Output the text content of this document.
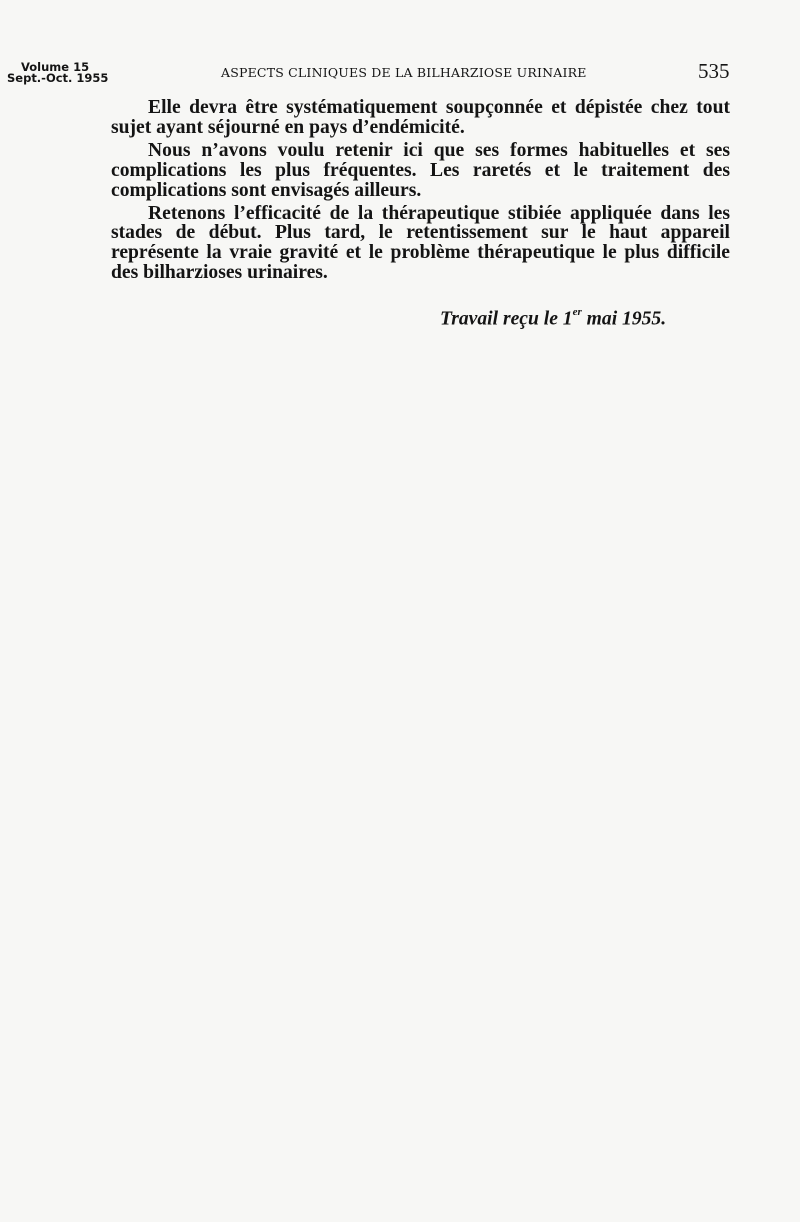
Volume 15
Sept.-Oct. 1955	ASPECTS CLINIQUES DE LA BILHARZIOSE URINAIRE	535

Elle devra être systématiquement soupçonnée et dépistée chez tout sujet ayant séjourné en pays d’endémicité.

Nous n’avons voulu retenir ici que ses formes habituelles et ses complications les plus fréquentes. Les raretés et le traitement des complications sont envisagés ailleurs.

Retenons l’efficacité de la thérapeutique stibiée appliquée dans les stades de début. Plus tard, le retentissement sur le haut appareil représente la vraie gravité et le problème thérapeutique le plus difficile des bilharzioses urinaires.

Travail reçu le 1er mai 1955.
